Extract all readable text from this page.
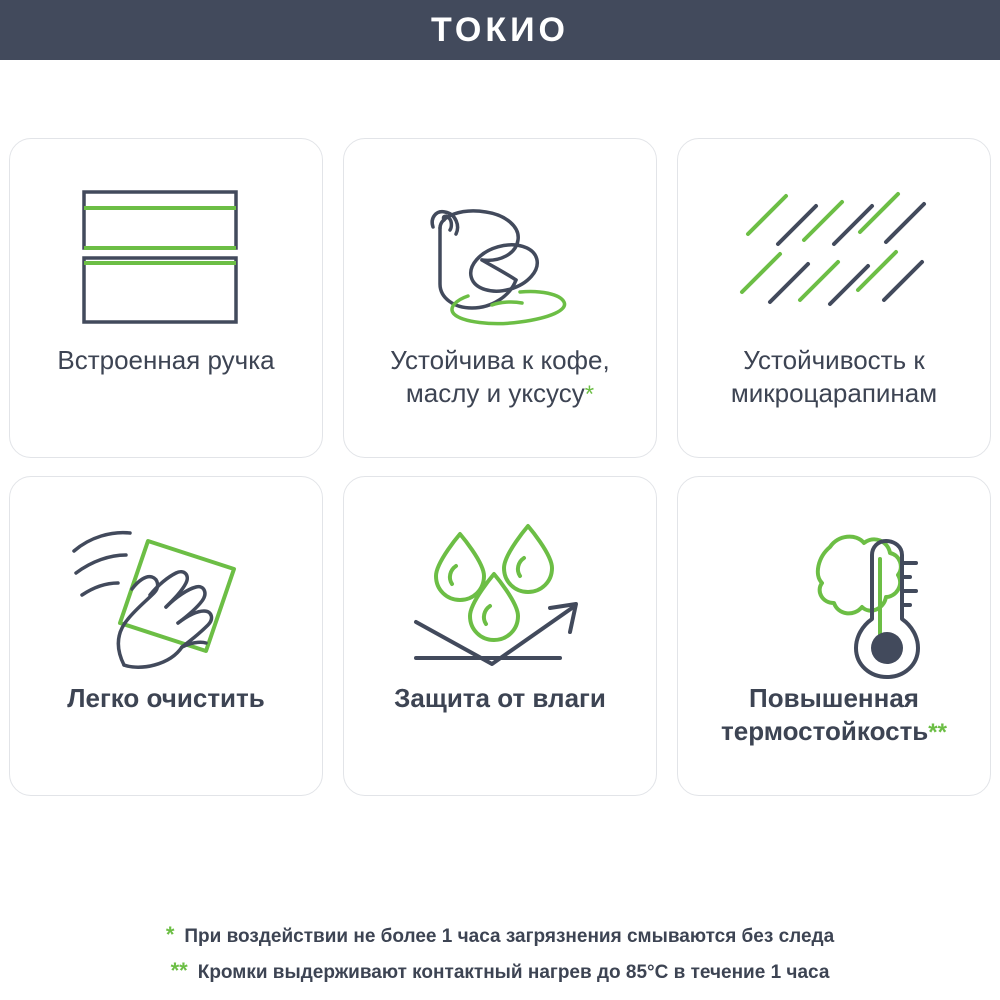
ТОКИО
Встроенная ручка	Устойчива к кофе, маслу и уксусу*
Устойчивость к микроцарапинам
Легко очистить	Защита от влаги	Повышенная термостойкость**
* При воздействии не более 1 часа загрязнения смываются без следа
** Кромки выдерживают контактный нагрев до 85°С в течение 1 часа
